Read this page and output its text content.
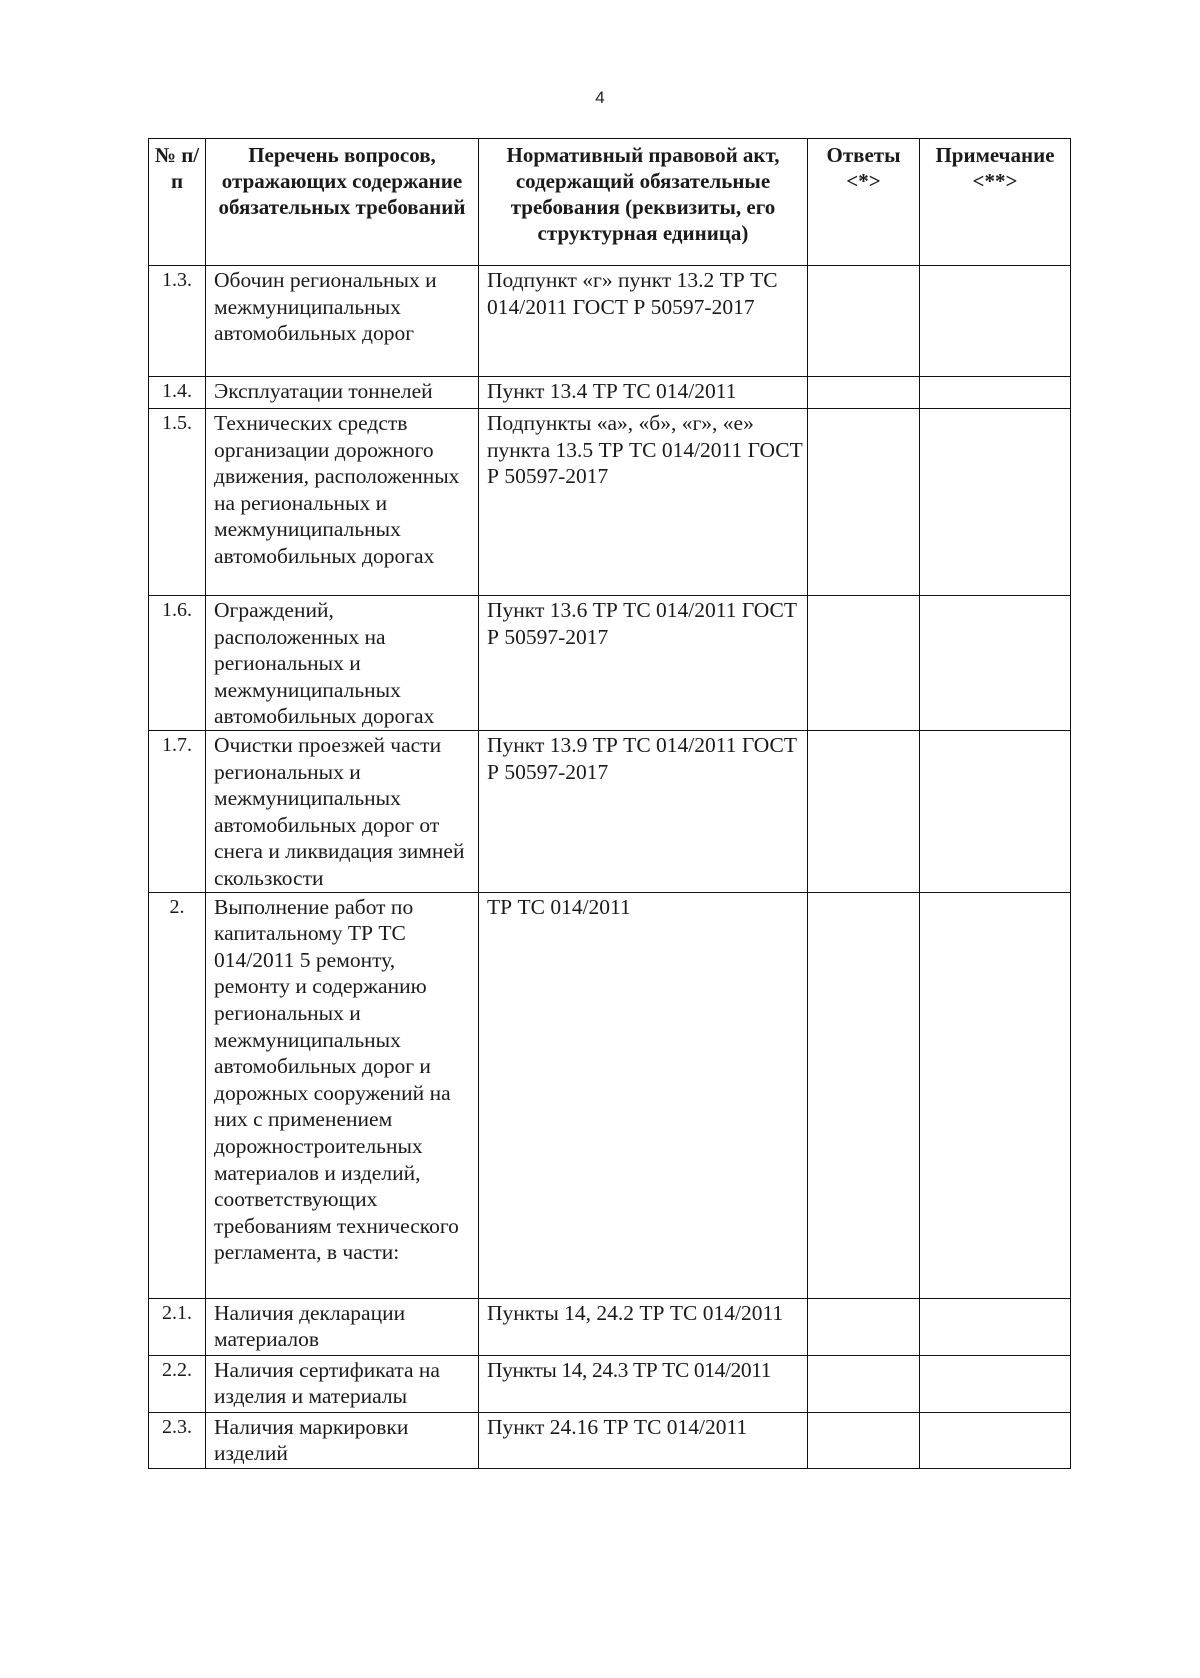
4
№ п/п	Перечень вопросов, отражающих содержание обязательных требований	Нормативный правовой акт, содержащий обязательные требования (реквизиты, его структурная единица)	Ответы <*>	Примечание <**>
1.3.	Обочин региональных и межмуниципальных автомобильных дорог	Подпункт «г» пункт 13.2 ТР ТС 014/2011 ГОСТ Р 50597-2017		
1.4.	Эксплуатации тоннелей	Пункт 13.4 ТР ТС 014/2011		
1.5.	Технических средств организации дорожного движения, расположенных на региональных и межмуниципальных автомобильных дорогах	Подпункты «а», «б», «г», «е» пункта 13.5 ТР ТС 014/2011 ГОСТ Р 50597-2017		
1.6.	Ограждений, расположенных на региональных и межмуниципальных автомобильных дорогах	Пункт 13.6 ТР ТС 014/2011 ГОСТ Р 50597-2017		
1.7.	Очистки проезжей части региональных и межмуниципальных автомобильных дорог от снега и ликвидация зимней скользкости	Пункт 13.9 ТР ТС 014/2011 ГОСТ Р 50597-2017		
2.	Выполнение работ по капитальному ТР ТС 014/2011 5 ремонту, ремонту и содержанию региональных и межмуниципальных автомобильных дорог и дорожных сооружений на них с применением дорожностроительных материалов и изделий, соответствующих требованиям технического регламента, в части:	ТР ТС 014/2011		
2.1.	Наличия декларации материалов	Пункты 14, 24.2 ТР ТС 014/2011		
2.2.	Наличия сертификата на изделия и материалы	Пункты 14, 24.3 ТР ТС 014/2011		
2.3.	Наличия маркировки изделий	Пункт 24.16 ТР ТС 014/2011		
